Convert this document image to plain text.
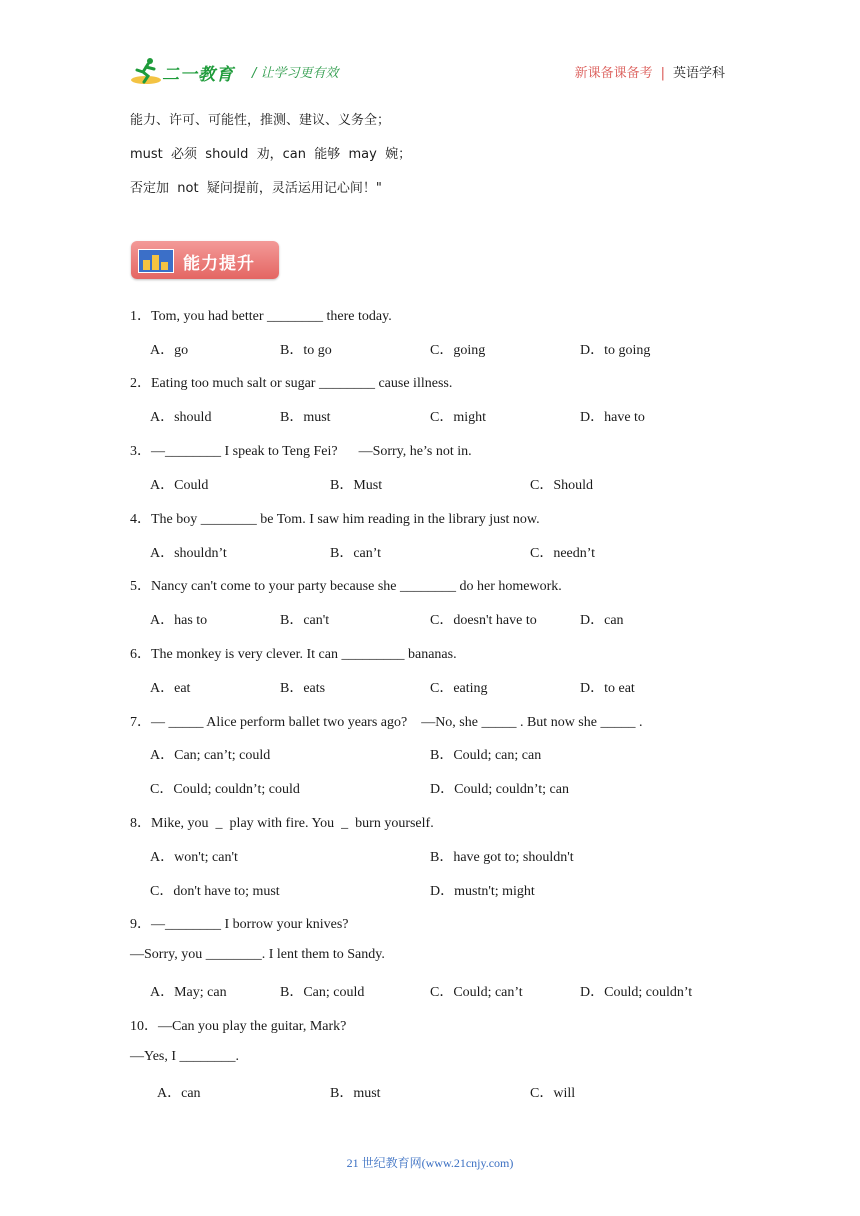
二一教育 / 让学习更有效	新课备课备考 | 英语学科
能力、许可、可能性，推测、建议、义务全；
must  必须  should  劝，can  能够  may  婉；
否定加  not  疑问提前，灵活运用记心间！"
能力提升
1．Tom, you had better ________ there today.
A．go	B．to go	C．going	D．to going
2．Eating too much salt or sugar ________ cause illness.
A．should	B．must	C．might	D．have to
3．—________ I speak to Teng Fei?      —Sorry, he’s not in.
A．Could	B．Must	C．Should
4．The boy ________ be Tom. I saw him reading in the library just now.
A．shouldn’t	B．can’t	C．needn’t
5．Nancy can't come to your party because she ________ do her homework.
A．has to	B．can't	C．doesn't have to	D．can
6．The monkey is very clever. It can _________ bananas.
A．eat	B．eats	C．eating	D．to eat
7．— _____ Alice perform ballet two years ago?    —No, she _____ . But now she _____ .
A．Can; can’t; could	B．Could; can; can
C．Could; couldn’t; could	D．Could; couldn’t; can
8．Mike, you  _  play with fire. You  _  burn yourself.
A．won't; can't	B．have got to; shouldn't
C．don't have to; must	D．mustn't; might
9．—________ I borrow your knives?
—Sorry, you ________. I lent them to Sandy.
A．May; can	B．Can; could	C．Could; can’t	D．Could; couldn’t
10．—Can you play the guitar, Mark?
—Yes, I ________.
A．can	B．must	C．will
21 世纪教育网(www.21cnjy.com)
